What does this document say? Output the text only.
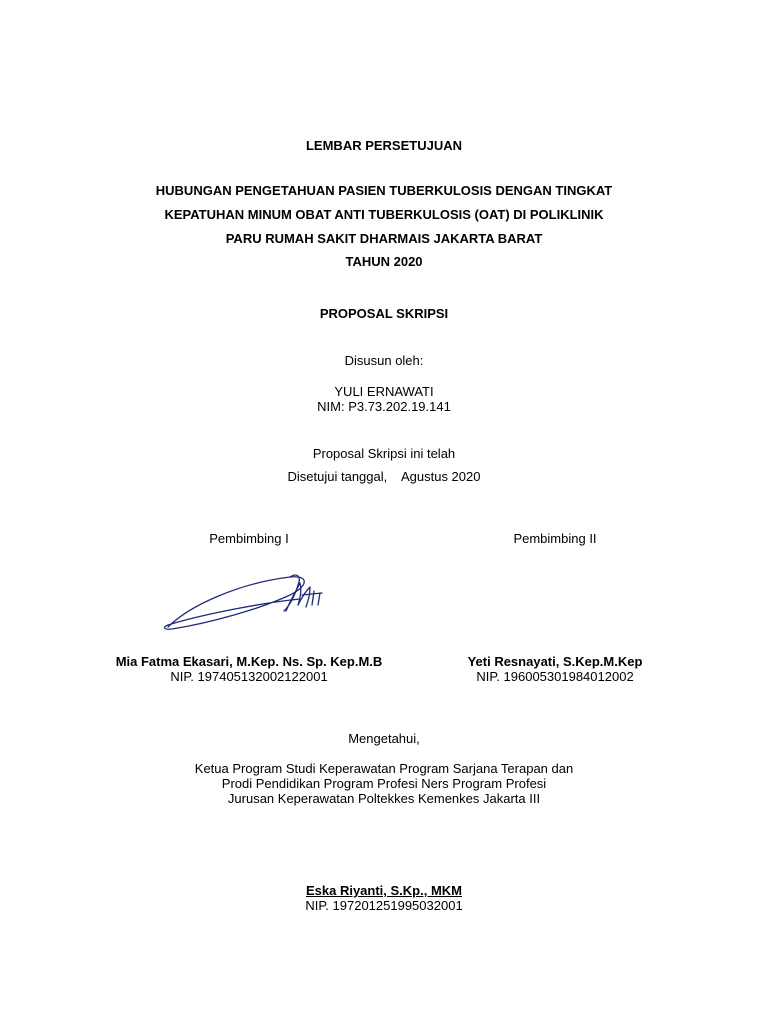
LEMBAR PERSETUJUAN
HUBUNGAN PENGETAHUAN PASIEN TUBERKULOSIS DENGAN TINGKAT
KEPATUHAN MINUM OBAT ANTI TUBERKULOSIS (OAT) DI POLIKLINIK
PARU RUMAH SAKIT DHARMAIS JAKARTA BARAT
TAHUN 2020
PROPOSAL SKRIPSI
Disusun oleh:
YULI ERNAWATI
NIM: P3.73.202.19.141
Proposal Skripsi ini telah
Disetujui tanggal,    Agustus 2020
Pembimbing I	Pembimbing II
Mia Fatma Ekasari, M.Kep. Ns. Sp. Kep.M.B
NIP. 197405132002122001
Yeti Resnayati, S.Kep.M.Kep
NIP. 196005301984012002
Mengetahui,
Ketua Program Studi Keperawatan Program Sarjana Terapan dan
Prodi Pendidikan Program Profesi Ners Program Profesi
Jurusan Keperawatan Poltekkes Kemenkes Jakarta III
Eska Riyanti, S.Kp., MKM
NIP. 197201251995032001
